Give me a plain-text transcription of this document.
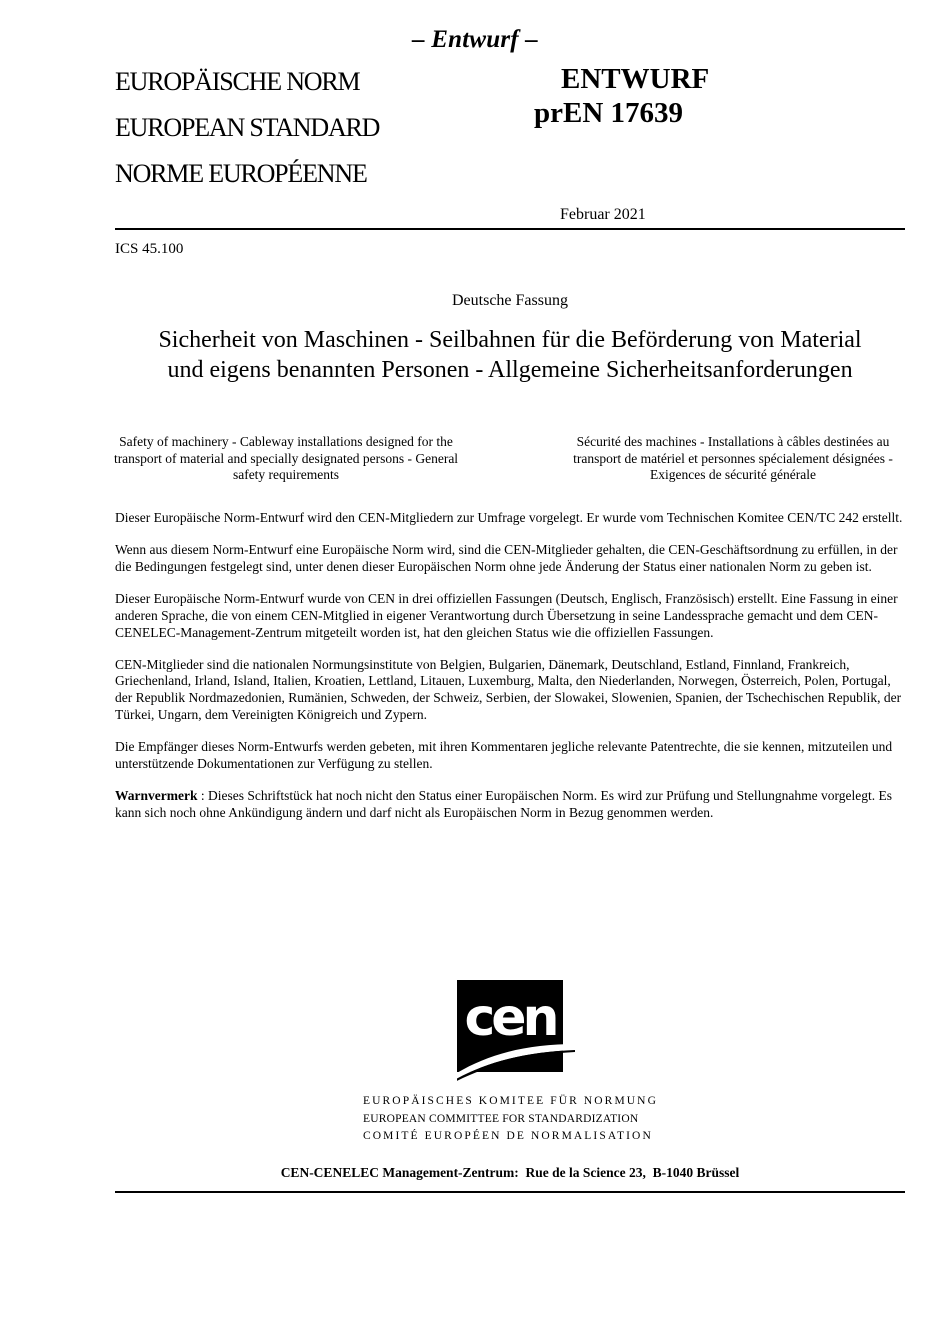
– Entwurf –
EUROPÄISCHE NORM
EUROPEAN STANDARD
NORME EUROPÉENNE
ENTWURF
prEN 17639
Februar 2021
ICS 45.100
Deutsche Fassung
Sicherheit von Maschinen - Seilbahnen für die Beförderung von Material und eigens benannten Personen - Allgemeine Sicherheitsanforderungen
Safety of machinery - Cableway installations designed for the transport of material and specially designated persons - General safety requirements
Sécurité des machines - Installations à câbles destinées au transport de matériel et personnes spécialement désignées - Exigences de sécurité générale

Dieser Europäische Norm-Entwurf wird den CEN-Mitgliedern zur Umfrage vorgelegt. Er wurde vom Technischen Komitee CEN/TC 242 erstellt.

Wenn aus diesem Norm-Entwurf eine Europäische Norm wird, sind die CEN-Mitglieder gehalten, die CEN-Geschäftsordnung zu erfüllen, in der die Bedingungen festgelegt sind, unter denen dieser Europäischen Norm ohne jede Änderung der Status einer nationalen Norm zu geben ist.

Dieser Europäische Norm-Entwurf wurde von CEN in drei offiziellen Fassungen (Deutsch, Englisch, Französisch) erstellt. Eine Fassung in einer anderen Sprache, die von einem CEN-Mitglied in eigener Verantwortung durch Übersetzung in seine Landessprache gemacht und dem CEN-CENELEC-Management-Zentrum mitgeteilt worden ist, hat den gleichen Status wie die offiziellen Fassungen.

CEN-Mitglieder sind die nationalen Normungsinstitute von Belgien, Bulgarien, Dänemark, Deutschland, Estland, Finnland, Frankreich, Griechenland, Irland, Island, Italien, Kroatien, Lettland, Litauen, Luxemburg, Malta, den Niederlanden, Norwegen, Österreich, Polen, Portugal, der Republik Nordmazedonien, Rumänien, Schweden, der Schweiz, Serbien, der Slowakei, Slowenien, Spanien, der Tschechischen Republik, der Türkei, Ungarn, dem Vereinigten Königreich und Zypern.

Die Empfänger dieses Norm-Entwurfs werden gebeten, mit ihren Kommentaren jegliche relevante Patentrechte, die sie kennen, mitzuteilen und unterstützende Dokumentationen zur Verfügung zu stellen.

Warnvermerk : Dieses Schriftstück hat noch nicht den Status einer Europäischen Norm. Es wird zur Prüfung und Stellungnahme vorgelegt. Es kann sich noch ohne Ankündigung ändern und darf nicht als Europäischen Norm in Bezug genommen werden.

cen
EUROPÄISCHES KOMITEE FÜR NORMUNG
EUROPEAN COMMITTEE FOR STANDARDIZATION
COMITÉ EUROPÉEN DE NORMALISATION
CEN-CENELEC Management-Zentrum:  Rue de la Science 23,  B-1040 Brüssel
